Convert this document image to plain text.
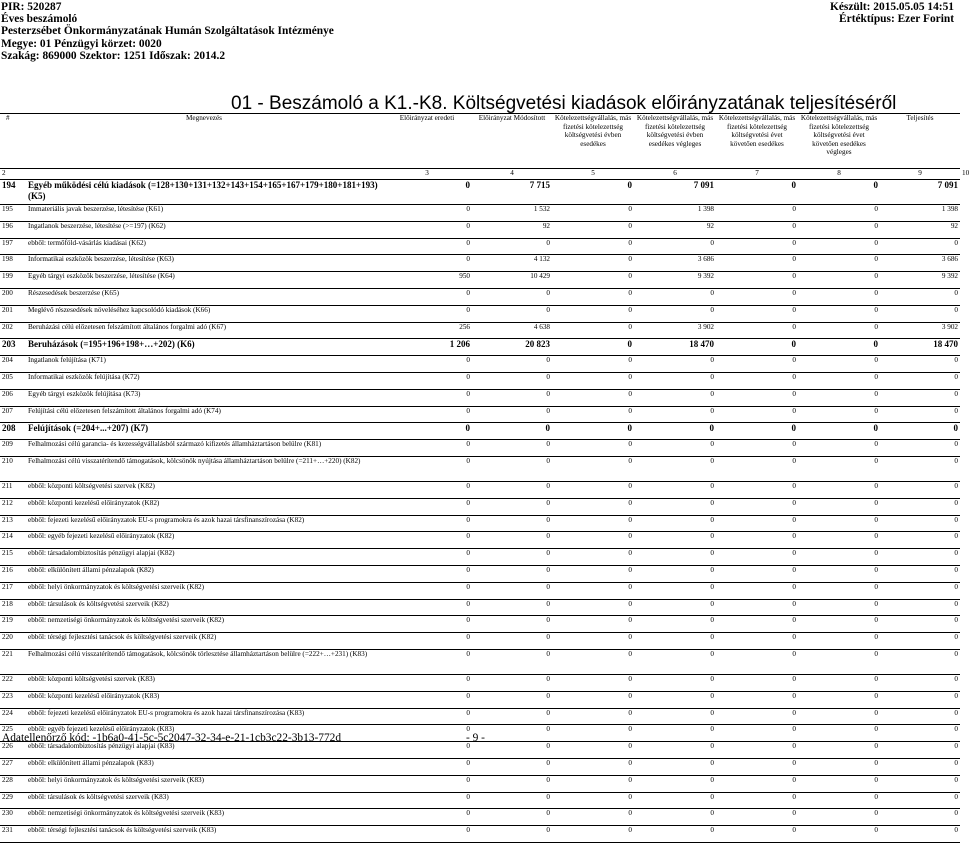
PIR: 520287
Éves beszámoló
Pesterzsébet Önkormányzatának Humán Szolgáltatások Intézménye
Megye: 01 Pénzügyi körzet: 0020
Szakág: 869000 Szektor: 1251 Időszak: 2014.2
Készült: 2015.05.05 14:51
Értéktípus: Ezer Forint
01 - Beszámoló a K1.-K8. Költségvetési kiadások előirányzatának teljesítéséről
#	Megnevezés	Előirányzat eredeti	Előirányzat Módosított	Kötelezettségvállalás, más fizetési kötelezettség költségvetési évben esedékes	Kötelezettségvállalás, más fizetési kötelezettség költségvetési évben esedékes végleges	Kötelezettségvállalás, más fizetési kötelezettség költségvetési évet követően esedékes	Kötelezettségvállalás, más fizetési kötelezettség költségvetési évet követően esedékes végleges	Teljesítés	
2		3	4	5	6	7	8	9	10
194	Egyéb működési célú kiadások (=128+130+131+132+143+154+165+167+179+180+181+193) (K5)	0	7 715	0	7 091	0	0	7 091	
195	Immateriális javak beszerzése, létesítése (K61)	0	1 532	0	1 398	0	0	1 398	
196	Ingatlanok beszerzése, létesítése (>=197) (K62)	0	92	0	92	0	0	92	
197	ebből: termőföld-vásárlás kiadásai (K62)	0	0	0	0	0	0	0	
198	Informatikai eszközök beszerzése, létesítése (K63)	0	4 132	0	3 686	0	0	3 686	
199	Egyéb tárgyi eszközök beszerzése, létesítése (K64)	950	10 429	0	9 392	0	0	9 392	
200	Részesedések beszerzése (K65)	0	0	0	0	0	0	0	
201	Meglévő részesedések növeléséhez kapcsolódó kiadások (K66)	0	0	0	0	0	0	0	
202	Beruházási célú előzetesen felszámított általános forgalmi adó (K67)	256	4 638	0	3 902	0	0	3 902	
203	Beruházások (=195+196+198+…+202) (K6)	1 206	20 823	0	18 470	0	0	18 470	
204	Ingatlanok felújítása (K71)	0	0	0	0	0	0	0	
205	Informatikai eszközök felújítása (K72)	0	0	0	0	0	0	0	
206	Egyéb tárgyi eszközök felújítása (K73)	0	0	0	0	0	0	0	
207	Felújítási célú előzetesen felszámított általános forgalmi adó (K74)	0	0	0	0	0	0	0	
208	Felújítások (=204+...+207) (K7)	0	0	0	0	0	0	0	
209	Felhalmozási célú garancia- és kezességvállalásból származó kifizetés államháztartáson belülre (K81)	0	0	0	0	0	0	0	
210	Felhalmozási célú visszatérítendő támogatások, kölcsönök nyújtása államháztartáson belülre (=211+…+220) (K82)	0	0	0	0	0	0	0	
211	ebből: központi költségvetési szervek (K82)	0	0	0	0	0	0	0	
212	ebből: központi kezelésű előirányzatok (K82)	0	0	0	0	0	0	0	
213	ebből: fejezeti kezelésű előirányzatok EU-s programokra és azok hazai társfinanszírozása (K82)	0	0	0	0	0	0	0	
214	ebből: egyéb fejezeti kezelésű előirányzatok (K82)	0	0	0	0	0	0	0	
215	ebből: társadalombiztosítás pénzügyi alapjai (K82)	0	0	0	0	0	0	0	
216	ebből: elkülönített állami pénzalapok (K82)	0	0	0	0	0	0	0	
217	ebből: helyi önkormányzatok és költségvetési szerveik (K82)	0	0	0	0	0	0	0	
218	ebből: társulások és költségvetési szerveik (K82)	0	0	0	0	0	0	0	
219	ebből: nemzetiségi önkormányzatok és költségvetési szerveik (K82)	0	0	0	0	0	0	0	
220	ebből: térségi fejlesztési tanácsok és költségvetési szerveik (K82)	0	0	0	0	0	0	0	
221	Felhalmozási célú visszatérítendő támogatások, kölcsönök törlesztése államháztartáson belülre (=222+…+231) (K83)	0	0	0	0	0	0	0	
222	ebből: központi költségvetési szervek (K83)	0	0	0	0	0	0	0	
223	ebből: központi kezelésű előirányzatok (K83)	0	0	0	0	0	0	0	
224	ebből: fejezeti kezelésű előirányzatok EU-s programokra és azok hazai társfinanszírozása (K83)	0	0	0	0	0	0	0	
225	ebből: egyéb fejezeti kezelésű előirányzatok (K83)	0	0	0	0	0	0	0	
226	ebből: társadalombiztosítás pénzügyi alapjai (K83)	0	0	0	0	0	0	0	
227	ebből: elkülönített állami pénzalapok (K83)	0	0	0	0	0	0	0	
228	ebből: helyi önkormányzatok és költségvetési szerveik (K83)	0	0	0	0	0	0	0	
229	ebből: társulások és költségvetési szerveik (K83)	0	0	0	0	0	0	0	
230	ebből: nemzetiségi önkormányzatok és költségvetési szerveik (K83)	0	0	0	0	0	0	0	
231	ebből: térségi fejlesztési tanácsok és költségvetési szerveik (K83)	0	0	0	0	0	0	0	
Adatellenőrző kód: -1b6a0-41-5c-5c2047-32-34-e-21-1cb3c22-3b13-772d	- 9 -
